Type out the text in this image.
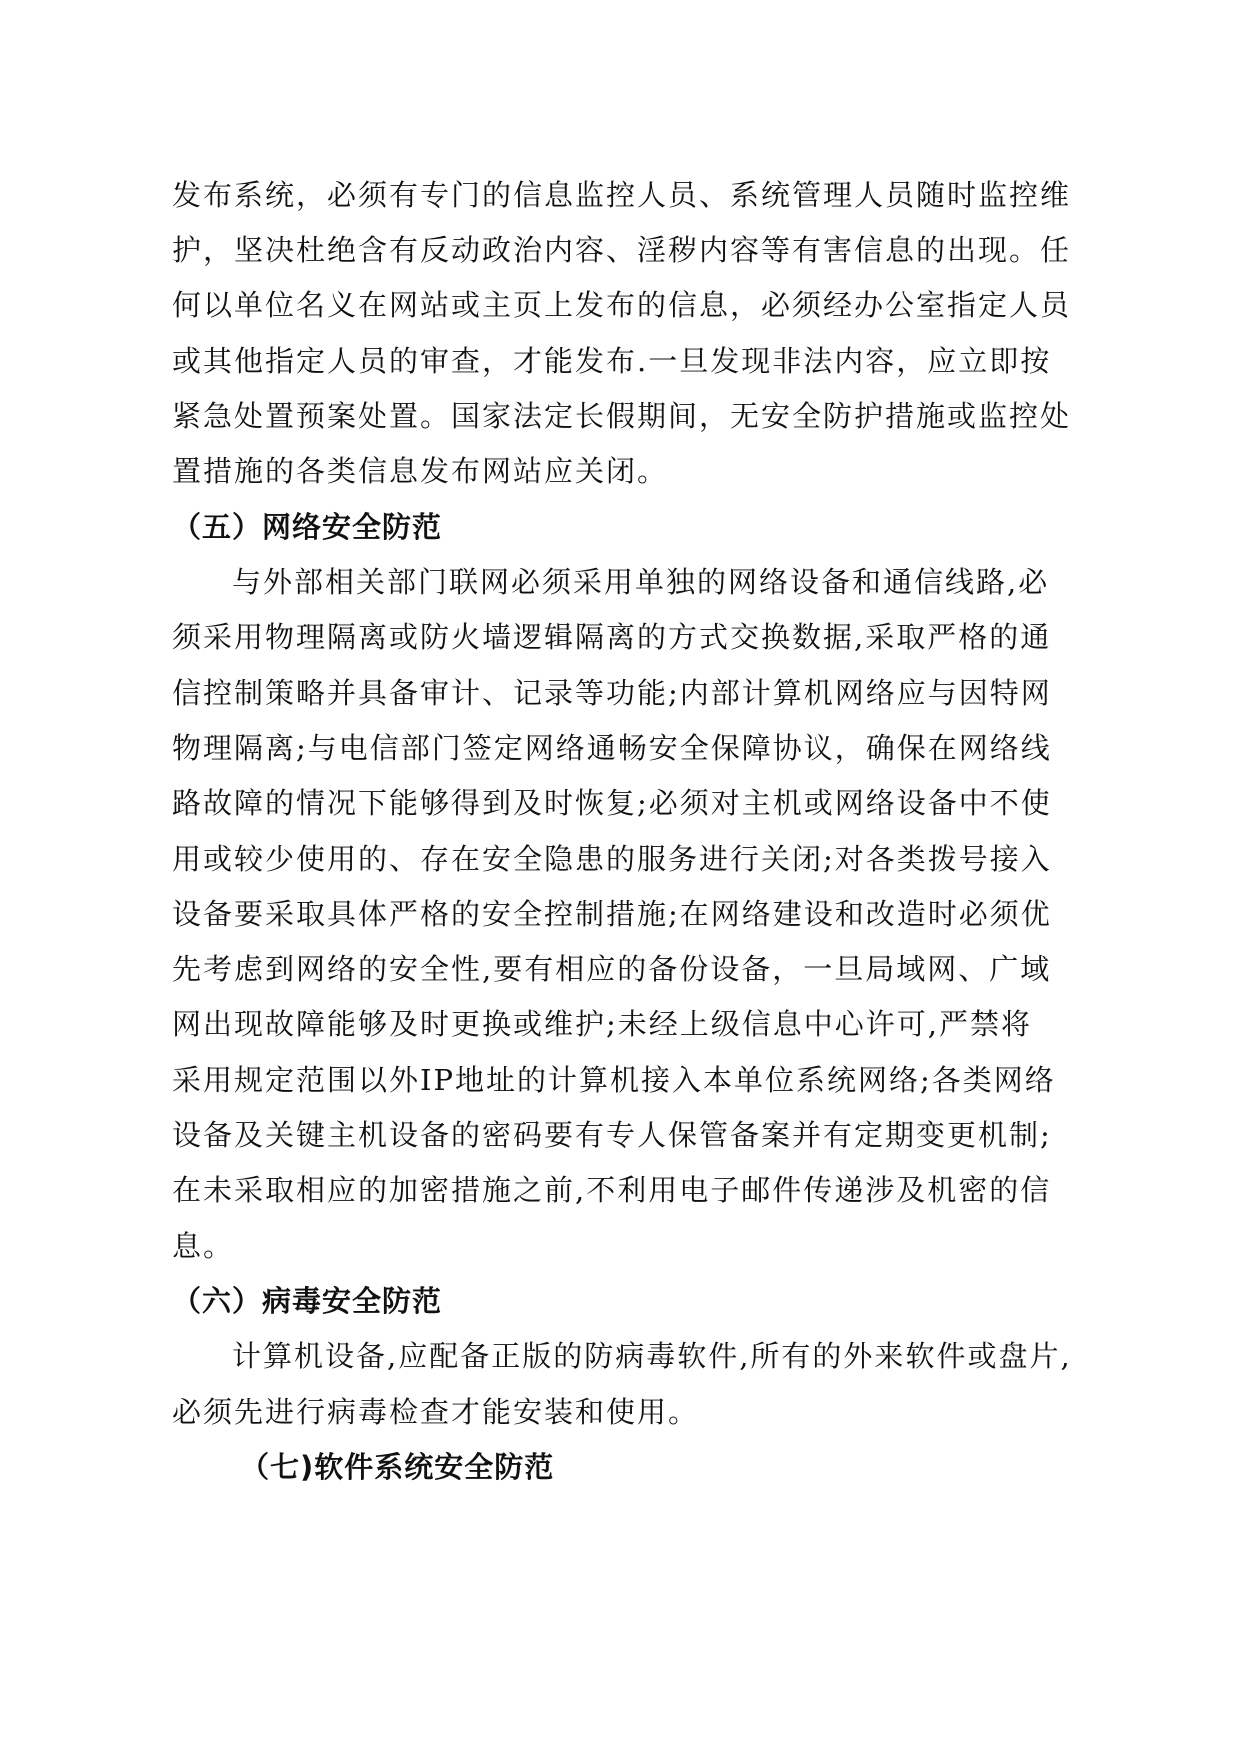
发布系统，必须有专门的信息监控人员、系统管理人员随时监控维
护，坚决杜绝含有反动政治内容、淫秽内容等有害信息的出现。任
何以单位名义在网站或主页上发布的信息，必须经办公室指定人员
或其他指定人员的审查，才能发布.一旦发现非法内容，应立即按
紧急处置预案处置。国家法定长假期间，无安全防护措施或监控处
置措施的各类信息发布网站应关闭。
（五）网络安全防范
与外部相关部门联网必须采用单独的网络设备和通信线路,必
须采用物理隔离或防火墙逻辑隔离的方式交换数据,采取严格的通
信控制策略并具备审计、记录等功能;内部计算机网络应与因特网
物理隔离;与电信部门签定网络通畅安全保障协议，确保在网络线
路故障的情况下能够得到及时恢复;必须对主机或网络设备中不使
用或较少使用的、存在安全隐患的服务进行关闭;对各类拨号接入
设备要采取具体严格的安全控制措施;在网络建设和改造时必须优
先考虑到网络的安全性,要有相应的备份设备，一旦局域网、广域
网出现故障能够及时更换或维护;未经上级信息中心许可,严禁将
采用规定范围以外IP地址的计算机接入本单位系统网络;各类网络
设备及关键主机设备的密码要有专人保管备案并有定期变更机制;
在未采取相应的加密措施之前,不利用电子邮件传递涉及机密的信
息。
（六）病毒安全防范
计算机设备,应配备正版的防病毒软件,所有的外来软件或盘片,
必须先进行病毒检查才能安装和使用。
（七)软件系统安全防范
